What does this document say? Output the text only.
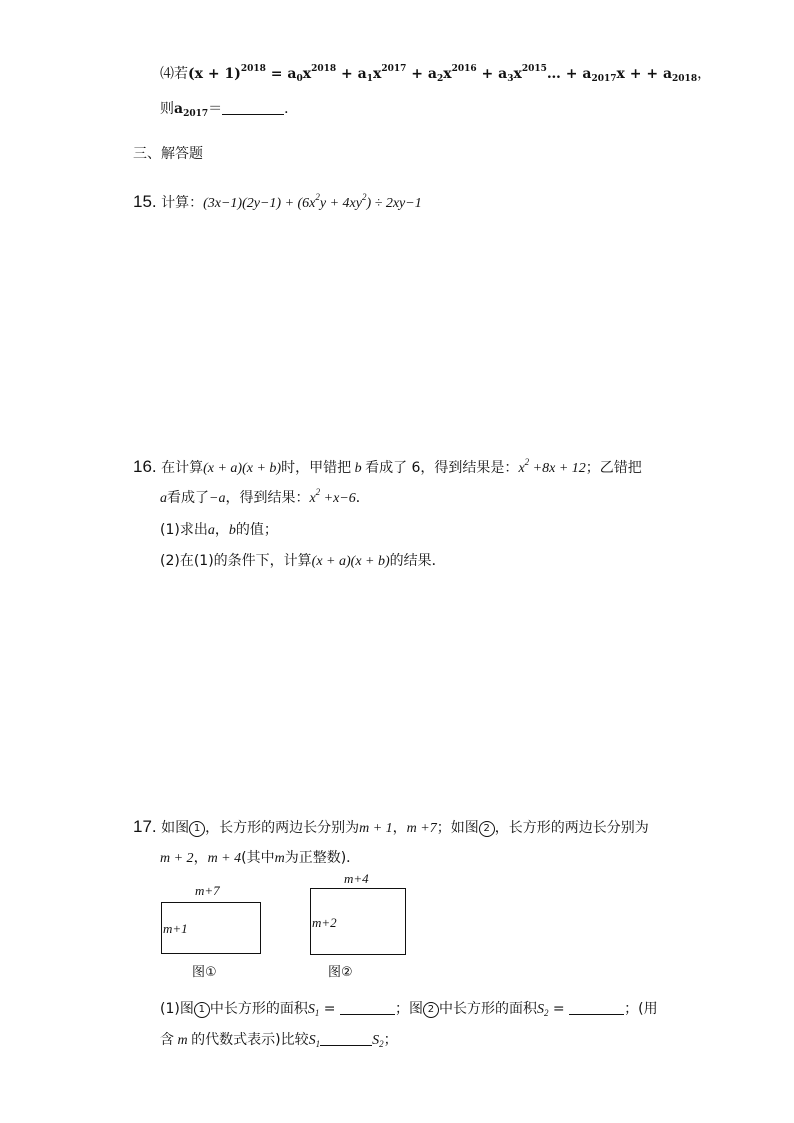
⑷若$(x + 1)^{2018} = a_0x^{2018} + a_1x^{2017} + a_2x^{2016}$ + $a_3x^{2015}\dots + a_{2017}x$ + + $a_{2018}$，
则$a_{2017}=$	．
三、解答题
15. 计算：$(3x-1)(2y-1) + (6x^2y + 4xy^2) \div 2xy-1$
16. 在计算(x + a)(x + b)时，甲错把 b 看成了 6，得到结果是：$x^2 +8x + 12$；乙错把
a看成了−a，得到结果：$x^2 +x-6$．
(1)求出a，b的值；
(2)在(1)的条件下，计算(x + a)(x + b)的结果．
17. 如图 1 ，长方形的两边长分别为m + 1，m +7；如图 2 ，长方形的两边长分别为
m + 2，m + 4(其中m为正整数)．
m+7
m+1
图①
m+4
m+2
图②
(1)图 1 中长方形的面积$S_1$ =	；图 2 中长方形的面积$S_2$ =	；(用
含 m 的代数式表示)比较$S_1$	$S_2$；
